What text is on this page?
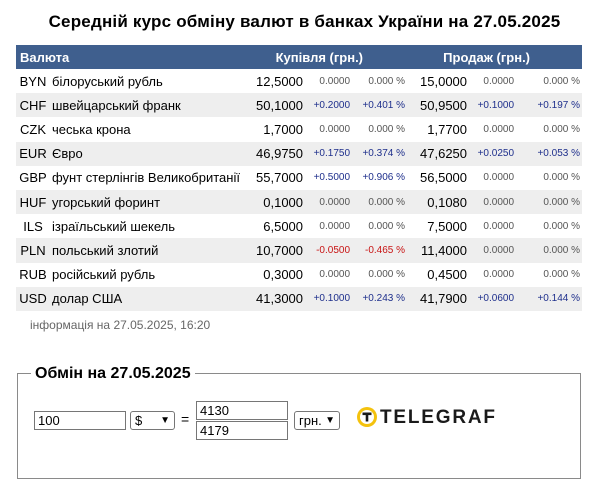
Середній курс обміну валют в банках України на 27.05.2025
Валюта		Купівля (грн.)			Продаж (грн.)		
BYN	білоруський рубль	12,5000	0.0000	0.000 %	15,0000	0.0000	0.000 %
CHF	швейцарський франк	50,1000	+0.2000	+0.401 %	50,9500	+0.1000	+0.197 %
CZK	чеська крона	1,7000	0.0000	0.000 %	1,7700	0.0000	0.000 %
EUR	Євро	46,9750	+0.1750	+0.374 %	47,6250	+0.0250	+0.053 %
GBP	фунт стерлінгів Великобританії	55,7000	+0.5000	+0.906 %	56,5000	0.0000	0.000 %
HUF	угорський форинт	0,1000	0.0000	0.000 %	0,1080	0.0000	0.000 %
ILS	ізраїльський шекель	6,5000	0.0000	0.000 %	7,5000	0.0000	0.000 %
PLN	польський злотий	10,7000	-0.0500	-0.465 %	11,4000	0.0000	0.000 %
RUB	російський рубль	0,3000	0.0000	0.000 %	0,4500	0.0000	0.000 %
USD	долар США	41,3000	+0.1000	+0.243 %	41,7900	+0.0600	+0.144 %
інформація на 27.05.2025, 16:20
Обмін на 27.05.2025
100
$ ▼ =
4130
4179	грн. ▼ TELEGRAF
